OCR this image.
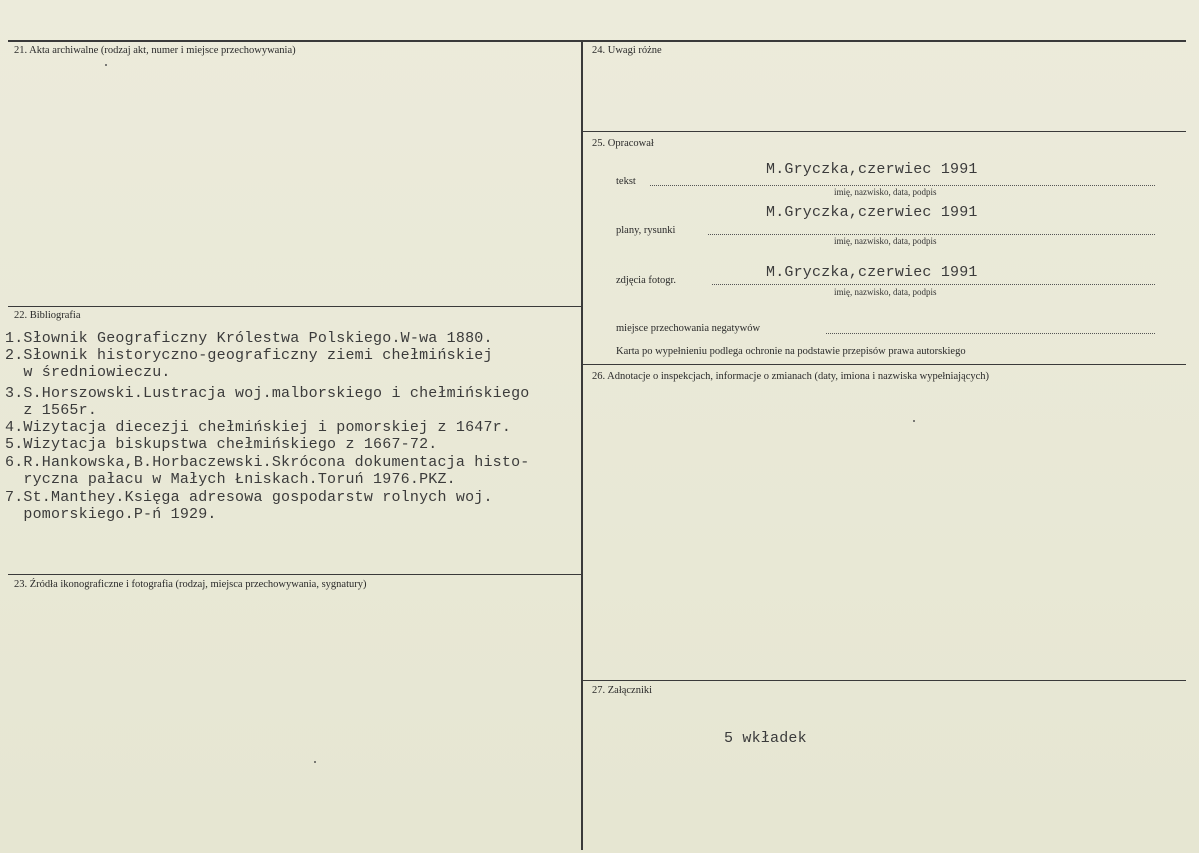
21. Akta archiwalne (rodzaj akt, numer i miejsce przechowywania)
22. Bibliografia
1.Słownik Geograficzny Królestwa Polskiego.W-wa 1880.
2.Słownik historyczno-geograficzny ziemi chełmińskiej
w średniowieczu.
3.S.Horszowski.Lustracja woj.malborskiego i chełmińskiego
z 1565r.
4.Wizytacja diecezji chełmińskiej i pomorskiej z 1647r.
5.Wizytacja biskupstwa chełmińskiego z 1667-72.
6.R.Hankowska,B.Horbaczewski.Skrócona dokumentacja histo-
ryczna pałacu w Małych Łniskach.Toruń 1976.PKZ.
7.St.Manthey.Księga adresowa gospodarstw rolnych woj.
pomorskiego.P-ń 1929.
23. Źródła ikonograficzne i fotografia (rodzaj, miejsca przechowywania, sygnatury)
24. Uwagi różne
25. Opracował
tekst
M.Gryczka,czerwiec 1991
imię, nazwisko, data, podpis
plany, rysunki
M.Gryczka,czerwiec 1991
imię, nazwisko, data, podpis
zdjęcia fotogr.	M.Gryczka,czerwiec 1991
imię, nazwisko, data, podpis
miejsce przechowania negatywów
Karta po wypełnieniu podlega ochronie na podstawie przepisów prawa autorskiego
26. Adnotacje o inspekcjach, informacje o zmianach (daty, imiona i nazwiska wypełniających)
27. Załączniki
5 wkładek
